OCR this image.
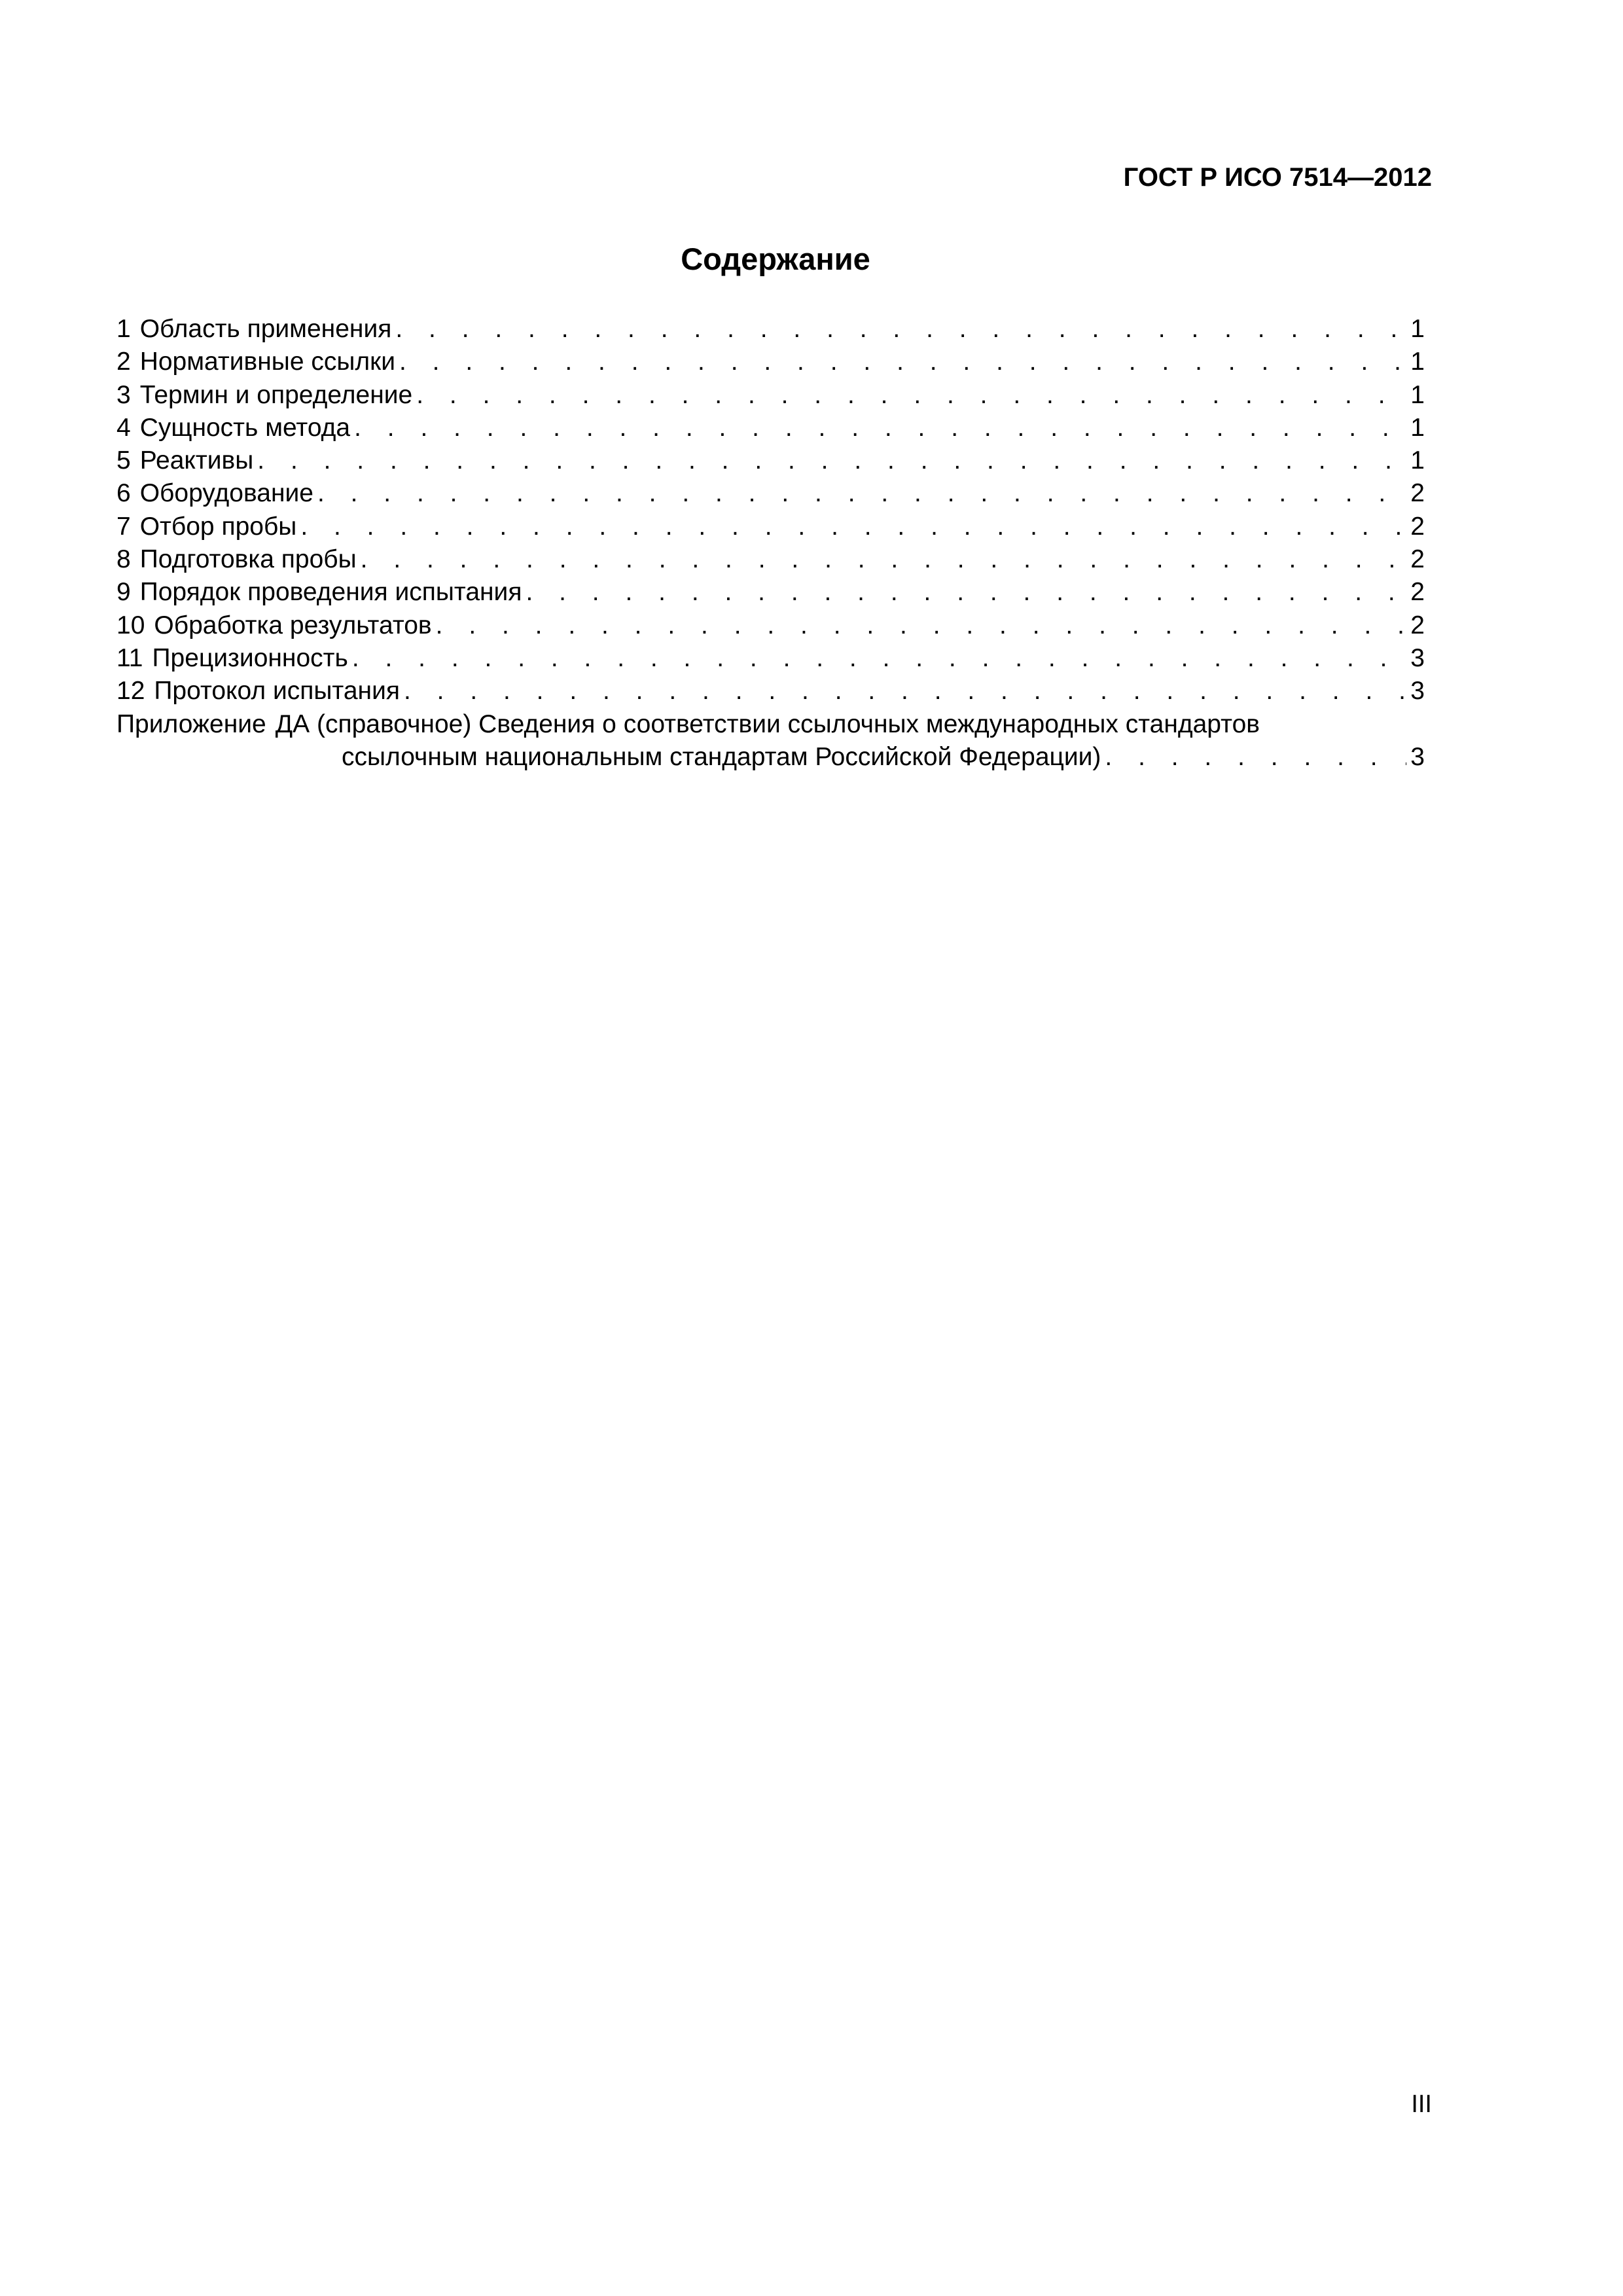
ГОСТ Р ИСО 7514—2012
Содержание
1 Область применения . . .	1
2 Нормативные ссылки . . .	1
3 Термин и определение . . .	1
4 Сущность метода . . .	1
5 Реактивы . . .	1
6 Оборудование . . .	2
7 Отбор пробы . . .	2
8 Подготовка пробы . . .	2
9 Порядок проведения испытания . . .	2
10 Обработка результатов . . .	2
11 Прецизионность . . .	3
12 Протокол испытания . . .	3
Приложение ДА (справочное) Сведения о соответствии ссылочных международных стандартов
ссылочным национальным стандартам Российской Федерации) . . .	3
III
